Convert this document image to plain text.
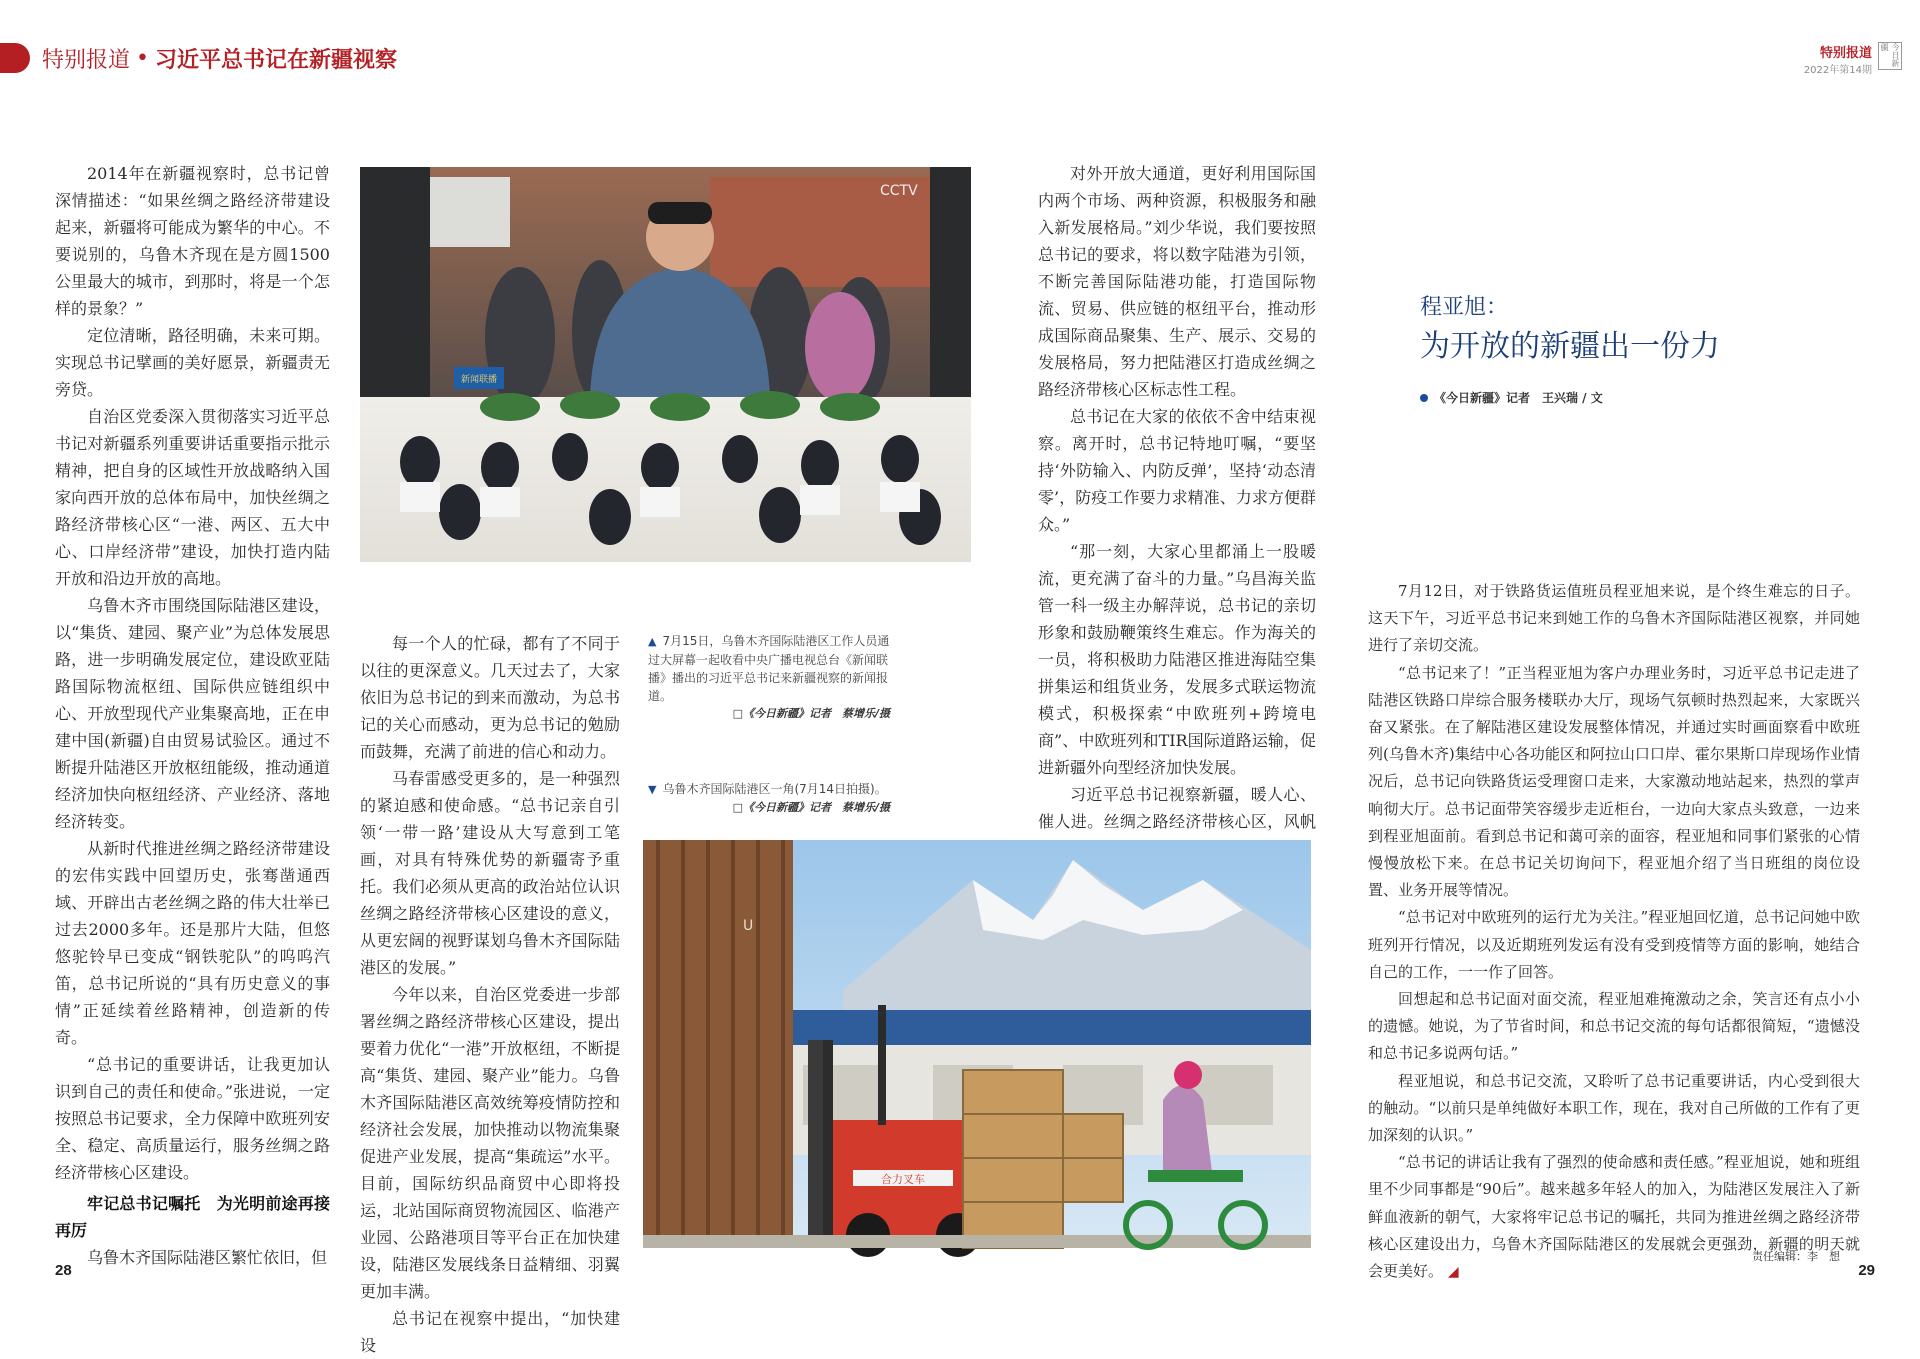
特别报道 • 习近平总书记在新疆视察	特别报道
2022年第14期
今日新疆

2014年在新疆视察时，总书记曾深情描述：“如果丝绸之路经济带建设起来，新疆将可能成为繁华的中心。不要说别的，乌鲁木齐现在是方圆1500公里最大的城市，到那时，将是一个怎样的景象？”

定位清晰，路径明确，未来可期。实现总书记擘画的美好愿景，新疆责无旁贷。

自治区党委深入贯彻落实习近平总书记对新疆系列重要讲话重要指示批示精神，把自身的区域性开放战略纳入国家向西开放的总体布局中，加快丝绸之路经济带核心区“一港、两区、五大中心、口岸经济带”建设，加快打造内陆开放和沿边开放的高地。

乌鲁木齐市围绕国际陆港区建设，以“集货、建园、聚产业”为总体发展思路，进一步明确发展定位，建设欧亚陆路国际物流枢纽、国际供应链组织中心、开放型现代产业集聚高地，正在申建中国(新疆)自由贸易试验区。通过不断提升陆港区开放枢纽能级，推动通道经济加快向枢纽经济、产业经济、落地经济转变。

从新时代推进丝绸之路经济带建设的宏伟实践中回望历史，张骞凿通西域、开辟出古老丝绸之路的伟大壮举已过去2000多年。还是那片大陆，但悠悠驼铃早已变成“钢铁驼队”的呜呜汽笛，总书记所说的“具有历史意义的事情”正延续着丝路精神，创造新的传奇。

“总书记的重要讲话，让我更加认识到自己的责任和使命。”张进说，一定按照总书记要求，全力保障中欧班列安全、稳定、高质量运行，服务丝绸之路经济带核心区建设。

牢记总书记嘱托　为光明前途再接再厉

乌鲁木齐国际陆港区繁忙依旧，但

新闻联播
CCTV
▲ 7月15日，乌鲁木齐国际陆港区工作人员通过大屏幕一起收看中央广播电视总台《新闻联播》播出的习近平总书记来新疆视察的新闻报道。
□《今日新疆》记者　蔡增乐/摄
▼ 乌鲁木齐国际陆港区一角(7月14日拍摄)。
□《今日新疆》记者　蔡增乐/摄

每一个人的忙碌，都有了不同于以往的更深意义。几天过去了，大家依旧为总书记的到来而激动，为总书记的关心而感动，更为总书记的勉励而鼓舞，充满了前进的信心和动力。

马春雷感受更多的，是一种强烈的紧迫感和使命感。“总书记亲自引领‘一带一路’建设从大写意到工笔画，对具有特殊优势的新疆寄予重托。我们必须从更高的政治站位认识丝绸之路经济带核心区建设的意义，从更宏阔的视野谋划乌鲁木齐国际陆港区的发展。”

今年以来，自治区党委进一步部署丝绸之路经济带核心区建设，提出要着力优化“一港”开放枢纽，不断提高“集货、建园、聚产业”能力。乌鲁木齐国际陆港区高效统筹疫情防控和经济社会发展，加快推动以物流集聚促进产业发展，提高“集疏运”水平。目前，国际纺织品商贸中心即将投运，北站国际商贸物流园区、临港产业园、公路港项目等平台正在加快建设，陆港区发展线条日益精细、羽翼更加丰满。

总书记在视察中提出，“加快建设

对外开放大通道，更好利用国际国内两个市场、两种资源，积极服务和融入新发展格局。”刘少华说，我们要按照总书记的要求，将以数字陆港为引领，不断完善国际陆港功能，打造国际物流、贸易、供应链的枢纽平台，推动形成国际商品聚集、生产、展示、交易的发展格局，努力把陆港区打造成丝绸之路经济带核心区标志性工程。

总书记在大家的依依不舍中结束视察。离开时，总书记特地叮嘱，“要坚持‘外防输入、内防反弹’，坚持‘动态清零’，防疫工作要力求精准、力求方便群众。”

“那一刻，大家心里都涌上一股暖流，更充满了奋斗的力量。”乌昌海关监管一科一级主办解萍说，总书记的亲切形象和鼓励鞭策终生难忘。作为海关的一员，将积极助力陆港区推进海陆空集拼集运和组货业务，发展多式联运物流模式，积极探索“中欧班列+跨境电商”、中欧班列和TIR国际道路运输，促进新疆外向型经济加快发展。

习近平总书记视察新疆，暖人心、催人进。丝绸之路经济带核心区，风帆

U
合力叉车
程亚旭：
为开放的新疆出一份力
《今日新疆》记者　王兴瑞 / 文

7月12日，对于铁路货运值班员程亚旭来说，是个终生难忘的日子。这天下午，习近平总书记来到她工作的乌鲁木齐国际陆港区视察，并同她进行了亲切交流。

“总书记来了！”正当程亚旭为客户办理业务时，习近平总书记走进了陆港区铁路口岸综合服务楼联办大厅，现场气氛顿时热烈起来，大家既兴奋又紧张。在了解陆港区建设发展整体情况，并通过实时画面察看中欧班列(乌鲁木齐)集结中心各功能区和阿拉山口口岸、霍尔果斯口岸现场作业情况后，总书记向铁路货运受理窗口走来，大家激动地站起来，热烈的掌声响彻大厅。总书记面带笑容缓步走近柜台，一边向大家点头致意，一边来到程亚旭面前。看到总书记和蔼可亲的面容，程亚旭和同事们紧张的心情慢慢放松下来。在总书记关切询问下，程亚旭介绍了当日班组的岗位设置、业务开展等情况。

“总书记对中欧班列的运行尤为关注。”程亚旭回忆道，总书记问她中欧班列开行情况，以及近期班列发运有没有受到疫情等方面的影响，她结合自己的工作，一一作了回答。

回想起和总书记面对面交流，程亚旭难掩激动之余，笑言还有点小小的遗憾。她说，为了节省时间，和总书记交流的每句话都很简短，“遗憾没和总书记多说两句话。”

程亚旭说，和总书记交流，又聆听了总书记重要讲话，内心受到很大的触动。“以前只是单纯做好本职工作，现在，我对自己所做的工作有了更加深刻的认识。”

“总书记的讲话让我有了强烈的使命感和责任感。”程亚旭说，她和班组里不少同事都是“90后”。越来越多年轻人的加入，为陆港区发展注入了新鲜血液新的朝气，大家将牢记总书记的嘱托，共同为推进丝绸之路经济带核心区建设出力，乌鲁木齐国际陆港区的发展就会更强劲，新疆的明天就会更美好。 ◢

28	29
责任编辑：李　想
